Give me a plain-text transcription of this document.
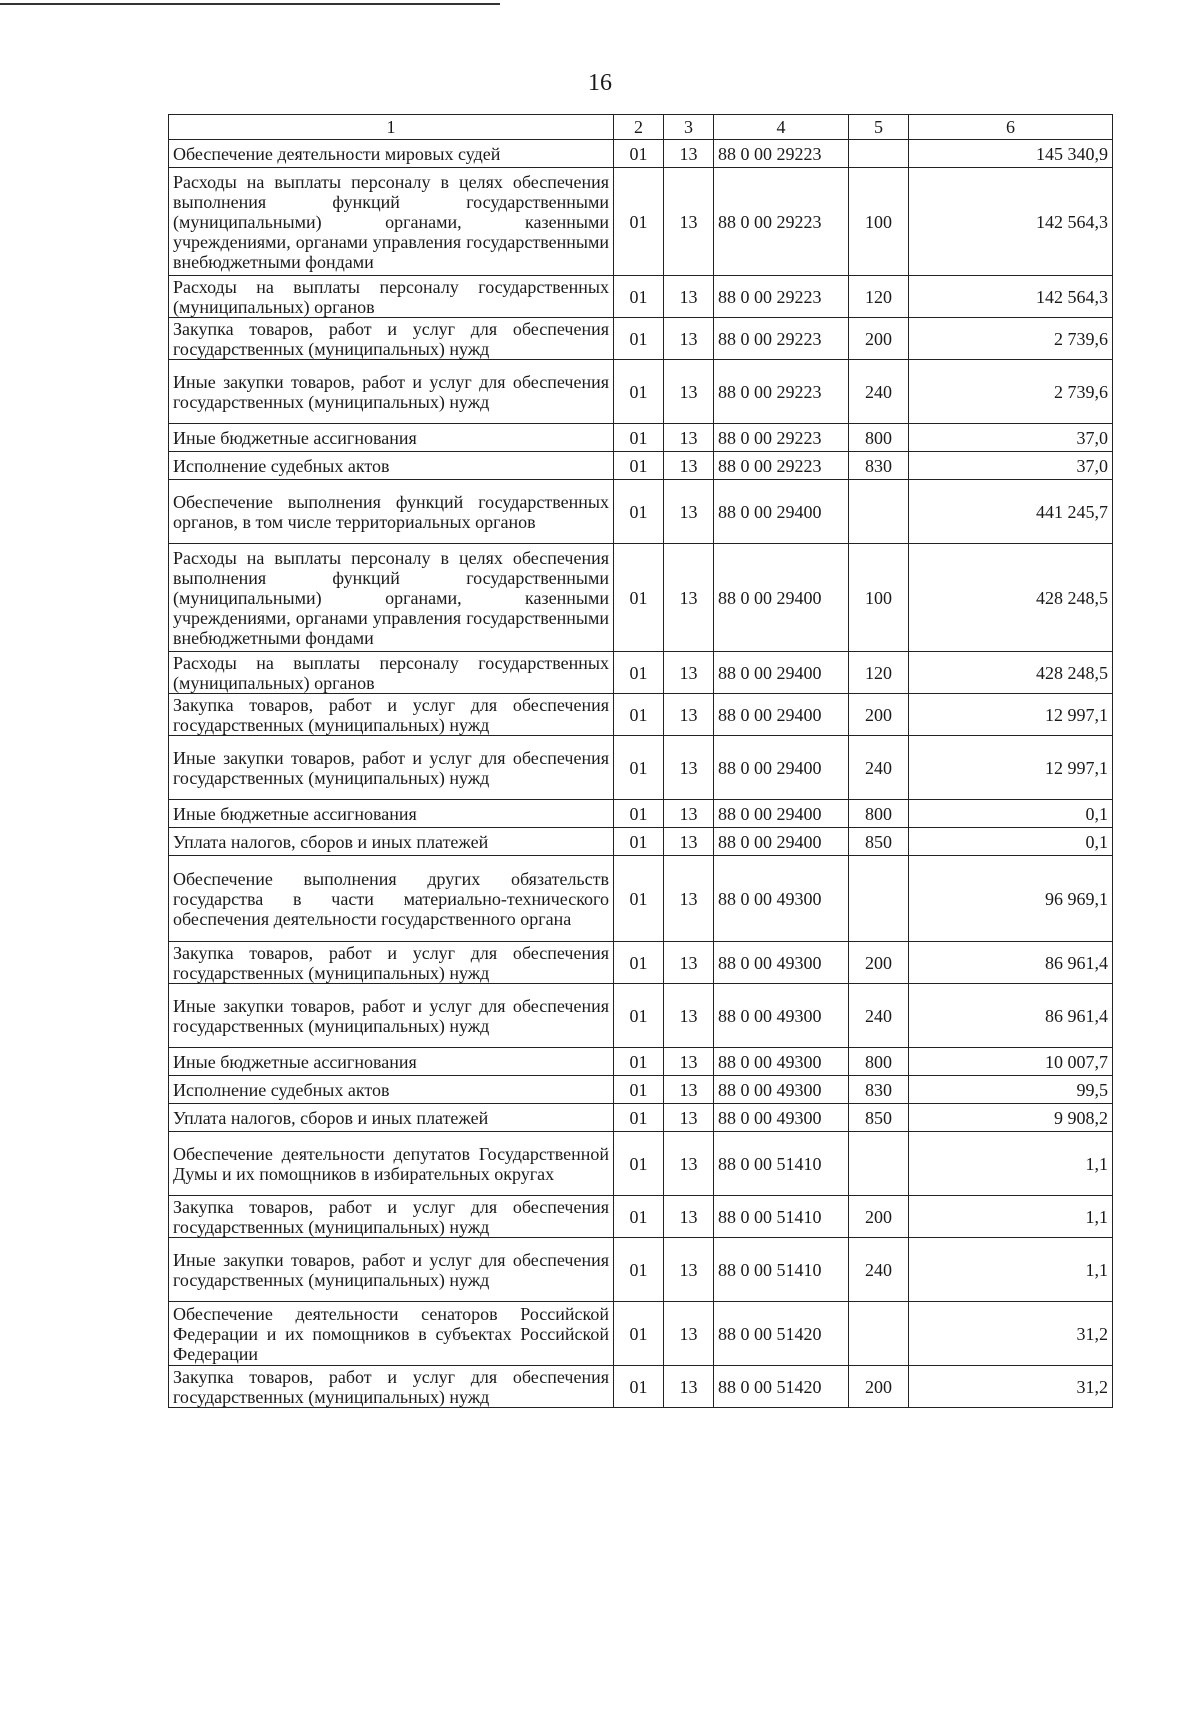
16
1	2	3	4	5	6
Обеспечение деятельности мировых судей	01	13	88 0 00 29223		145 340,9
Расходы на выплаты персоналу в целях обеспечения выполнения функций государственными (муниципальными) органами, казенными учреждениями, органами управления государственными внебюджетными фондами	01	13	88 0 00 29223	100	142 564,3
Расходы на выплаты персоналу государственных (муниципальных) органов	01	13	88 0 00 29223	120	142 564,3
Закупка товаров, работ и услуг для обеспечения государственных (муниципальных) нужд	01	13	88 0 00 29223	200	2 739,6
Иные закупки товаров, работ и услуг для обеспечения государственных (муниципальных) нужд	01	13	88 0 00 29223	240	2 739,6
Иные бюджетные ассигнования	01	13	88 0 00 29223	800	37,0
Исполнение судебных актов	01	13	88 0 00 29223	830	37,0
Обеспечение выполнения функций государственных органов, в том числе территориальных органов	01	13	88 0 00 29400		441 245,7
Расходы на выплаты персоналу в целях обеспечения выполнения функций государственными (муниципальными) органами, казенными учреждениями, органами управления государственными внебюджетными фондами	01	13	88 0 00 29400	100	428 248,5
Расходы на выплаты персоналу государственных (муниципальных) органов	01	13	88 0 00 29400	120	428 248,5
Закупка товаров, работ и услуг для обеспечения государственных (муниципальных) нужд	01	13	88 0 00 29400	200	12 997,1
Иные закупки товаров, работ и услуг для обеспечения государственных (муниципальных) нужд	01	13	88 0 00 29400	240	12 997,1
Иные бюджетные ассигнования	01	13	88 0 00 29400	800	0,1
Уплата налогов, сборов и иных платежей	01	13	88 0 00 29400	850	0,1
Обеспечение выполнения других обязательств государства в части материально-технического обеспечения деятельности государственного органа	01	13	88 0 00 49300		96 969,1
Закупка товаров, работ и услуг для обеспечения государственных (муниципальных) нужд	01	13	88 0 00 49300	200	86 961,4
Иные закупки товаров, работ и услуг для обеспечения государственных (муниципальных) нужд	01	13	88 0 00 49300	240	86 961,4
Иные бюджетные ассигнования	01	13	88 0 00 49300	800	10 007,7
Исполнение судебных актов	01	13	88 0 00 49300	830	99,5
Уплата налогов, сборов и иных платежей	01	13	88 0 00 49300	850	9 908,2
Обеспечение деятельности депутатов Государственной Думы и их помощников в избирательных округах	01	13	88 0 00 51410		1,1
Закупка товаров, работ и услуг для обеспечения государственных (муниципальных) нужд	01	13	88 0 00 51410	200	1,1
Иные закупки товаров, работ и услуг для обеспечения государственных (муниципальных) нужд	01	13	88 0 00 51410	240	1,1
Обеспечение деятельности сенаторов Российской Федерации и их помощников в субъектах Российской Федерации	01	13	88 0 00 51420		31,2
Закупка товаров, работ и услуг для обеспечения государственных (муниципальных) нужд	01	13	88 0 00 51420	200	31,2
